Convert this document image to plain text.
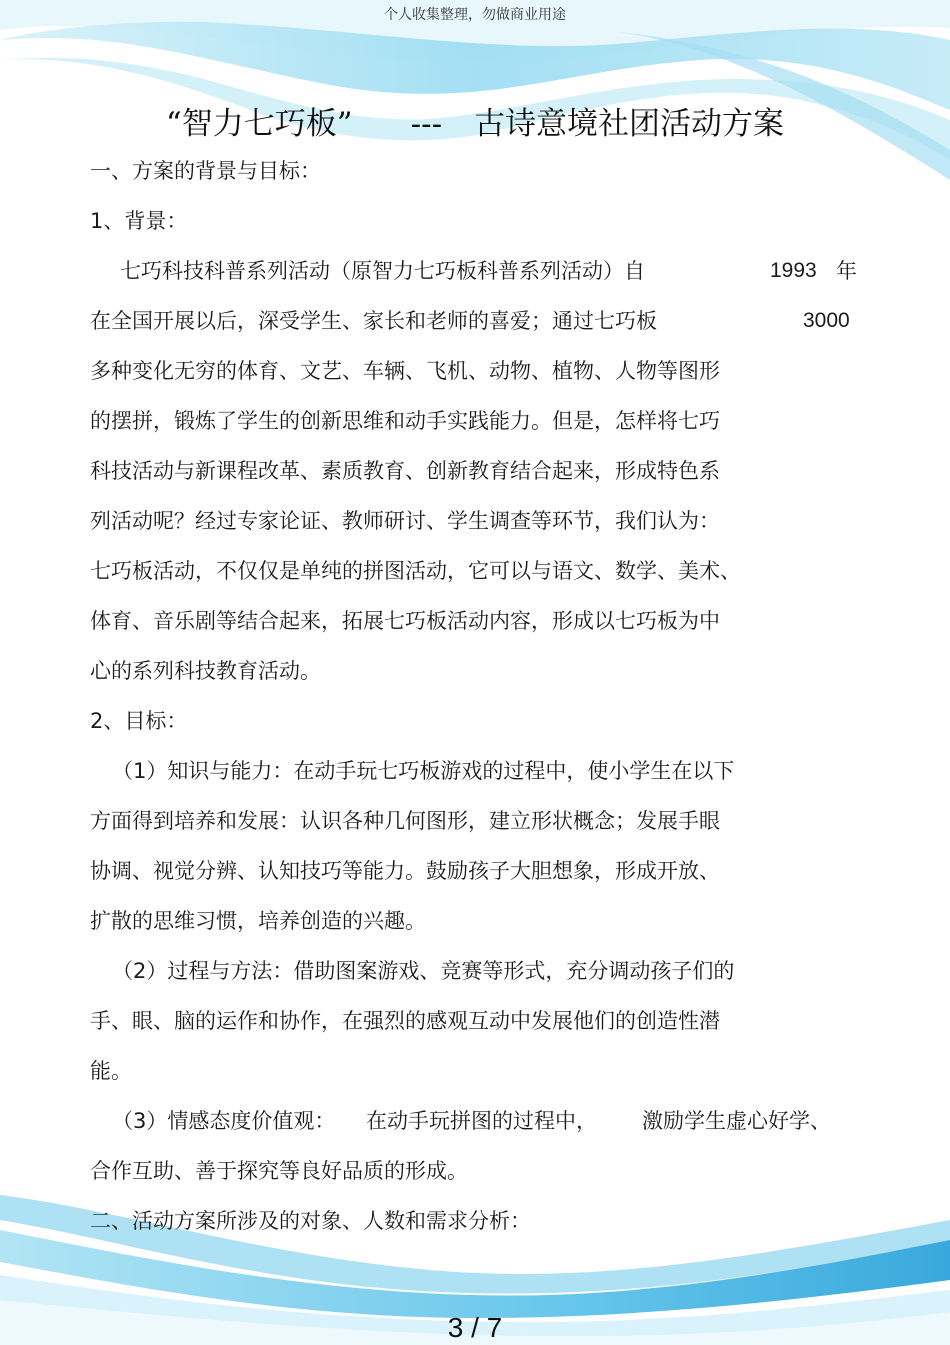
个人收集整理，勿做商业用途
“智力七巧板” --- 古诗意境社团活动方案
一、方案的背景与目标：
1、背景：
七巧科技科普系列活动（原智力七巧板科普系列活动）自	1993 年
在全国开展以后，深受学生、家长和老师的喜爱；通过七巧板	3000
多种变化无穷的体育、文艺、车辆、飞机、动物、植物、人物等图形
的摆拼，锻炼了学生的创新思维和动手实践能力。但是，怎样将七巧
科技活动与新课程改革、素质教育、创新教育结合起来，形成特色系
列活动呢？经过专家论证、教师研讨、学生调查等环节，我们认为：
七巧板活动，不仅仅是单纯的拼图活动，它可以与语文、数学、美术、
体育、音乐剧等结合起来，拓展七巧板活动内容，形成以七巧板为中
心的系列科技教育活动。
2、目标：
（1）知识与能力：在动手玩七巧板游戏的过程中，使小学生在以下
方面得到培养和发展：认识各种几何图形，建立形状概念；发展手眼
协调、视觉分辨、认知技巧等能力。鼓励孩子大胆想象，形成开放、
扩散的思维习惯，培养创造的兴趣。
（2）过程与方法：借助图案游戏、竞赛等形式，充分调动孩子们的
手、眼、脑的运作和协作，在强烈的感观互动中发展他们的创造性潜
能。
（3）情感态度价值观： 在动手玩拼图的过程中， 激励学生虚心好学、
合作互助、善于探究等良好品质的形成。
二、活动方案所涉及的对象、人数和需求分析：
3 / 7
